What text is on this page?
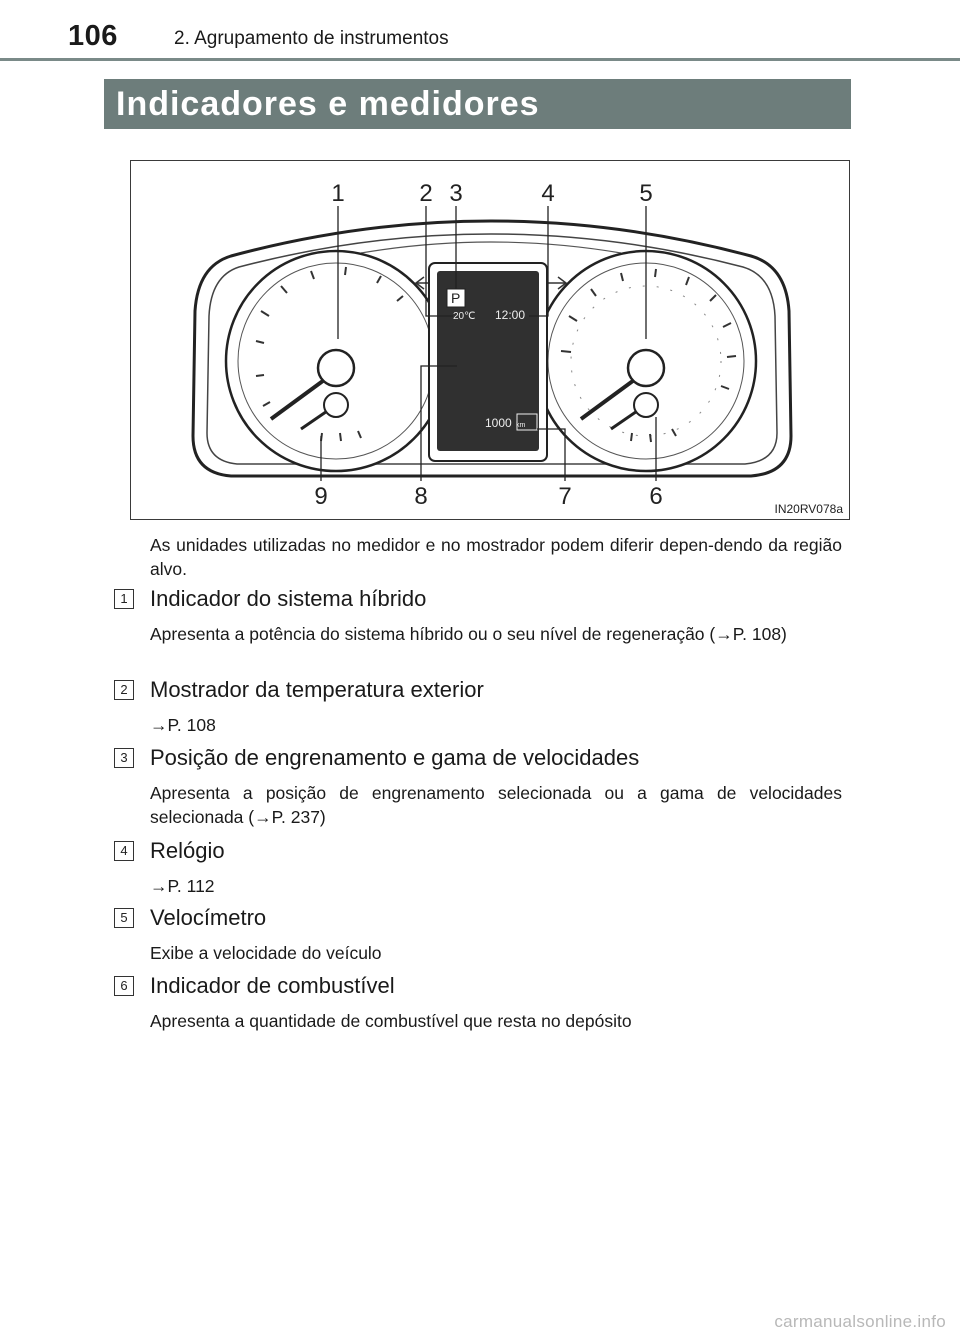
106	2. Agrupamento de instrumentos
Indicadores e medidores
P
20℃ 12:00
1000 km
1	2 3	4	5
6
7
8
9	IN20RV078a
As unidades utilizadas no medidor e no mostrador podem diferir depen-dendo da região alvo.
1 Indicador do sistema híbrido
Apresenta a potência do sistema híbrido ou o seu nível de regeneração (→P. 108)
2 Mostrador da temperatura exterior
→P. 108
3 Posição de engrenamento e gama de velocidades
Apresenta a posição de engrenamento selecionada ou a gama de velocidades selecionada (→P. 237)
4 Relógio
→P. 112
5 Velocímetro
Exibe a velocidade do veículo
6 Indicador de combustível
Apresenta a quantidade de combustível que resta no depósito
carmanualsonline.info
